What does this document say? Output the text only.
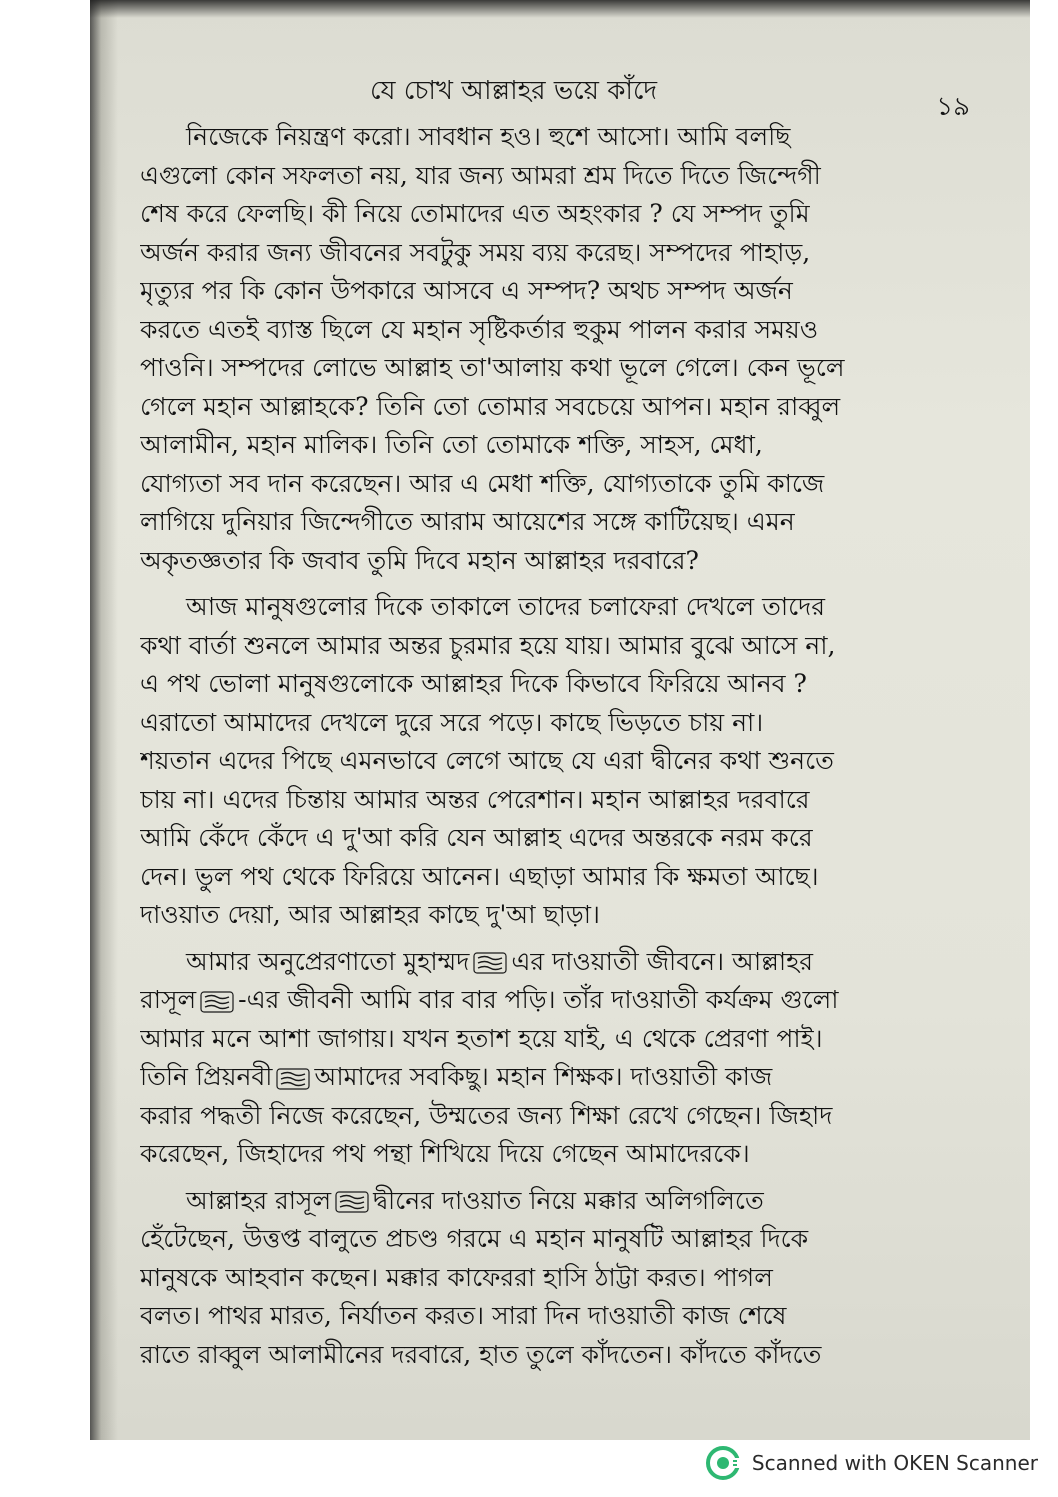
যে চোখ আল্লাহর ভয়ে কাঁদে
১৯
নিজেকে নিয়ন্ত্রণ করো। সাবধান হও। হুশে আসো। আমি বলছি
এগুলো কোন সফলতা নয়, যার জন্য আমরা শ্রম দিতে দিতে জিন্দেগী
শেষ করে ফেলছি। কী নিয়ে তোমাদের এত অহংকার ? যে সম্পদ তুমি
অর্জন করার জন্য জীবনের সবটুকু সময় ব্যয় করেছ। সম্পদের পাহাড়,
মৃত্যুর পর কি কোন উপকারে আসবে এ সম্পদ? অথচ সম্পদ অর্জন
করতে এতই ব্যাস্ত ছিলে যে মহান সৃষ্টিকর্তার হুকুম পালন করার সময়ও
পাওনি। সম্পদের লোভে আল্লাহ তা'আলায় কথা ভূলে গেলে। কেন ভূলে
গেলে মহান আল্লাহকে? তিনি তো তোমার সবচেয়ে আপন। মহান রাব্বুল
আলামীন, মহান মালিক। তিনি তো তোমাকে শক্তি, সাহস, মেধা,
যোগ্যতা সব দান করেছেন। আর এ মেধা শক্তি, যোগ্যতাকে তুমি কাজে
লাগিয়ে দুনিয়ার জিন্দেগীতে আরাম আয়েশের সঙ্গে কাটিয়েছ। এমন
অকৃতজ্ঞতার কি জবাব তুমি দিবে মহান আল্লাহর দরবারে?
আজ মানুষগুলোর দিকে তাকালে তাদের চলাফেরা দেখলে তাদের
কথা বার্তা শুনলে আমার অন্তর চুরমার হয়ে যায়। আমার বুঝে আসে না,
এ পথ ভোলা মানুষগুলোকে আল্লাহর দিকে কিভাবে ফিরিয়ে আনব ?
এরাতো আমাদের দেখলে দুরে সরে পড়ে। কাছে ভিড়তে চায় না।
শয়তান এদের পিছে এমনভাবে লেগে আছে যে এরা দ্বীনের কথা শুনতে
চায় না। এদের চিন্তায় আমার অন্তর পেরেশান। মহান আল্লাহর দরবারে
আমি কেঁদে কেঁদে এ দু'আ করি যেন আল্লাহ এদের অন্তরকে নরম করে
দেন। ভুল পথ থেকে ফিরিয়ে আনেন। এছাড়া আমার কি ক্ষমতা আছে।
দাওয়াত দেয়া, আর আল্লাহর কাছে দু'আ ছাড়া।
আমার অনুপ্রেরণাতো মুহাম্মদ এর দাওয়াতী জীবনে। আল্লাহর
রাসূল -এর জীবনী আমি বার বার পড়ি। তাঁর দাওয়াতী কর্যক্রম গুলো
আমার মনে আশা জাগায়। যখন হতাশ হয়ে যাই, এ থেকে প্রেরণা পাই।
তিনি প্রিয়নবী আমাদের সবকিছু। মহান শিক্ষক। দাওয়াতী কাজ
করার পদ্ধতী নিজে করেছেন, উম্মতের জন্য শিক্ষা রেখে গেছেন। জিহাদ
করেছেন, জিহাদের পথ পন্থা শিখিয়ে দিয়ে গেছেন আমাদেরকে।
আল্লাহর রাসূল দ্বীনের দাওয়াত নিয়ে মক্কার অলিগলিতে
হেঁটেছেন, উত্তপ্ত বালুতে প্রচণ্ড গরমে এ মহান মানুষটি আল্লাহর দিকে
মানুষকে আহবান কছেন। মক্কার কাফেররা হাসি ঠাট্টা করত। পাগল
বলত। পাথর মারত, নির্যাতন করত। সারা দিন দাওয়াতী কাজ শেষে
রাতে রাব্বুল আলামীনের দরবারে, হাত তুলে কাঁদতেন। কাঁদতে কাঁদতে
Scanned with OKEN Scanner
